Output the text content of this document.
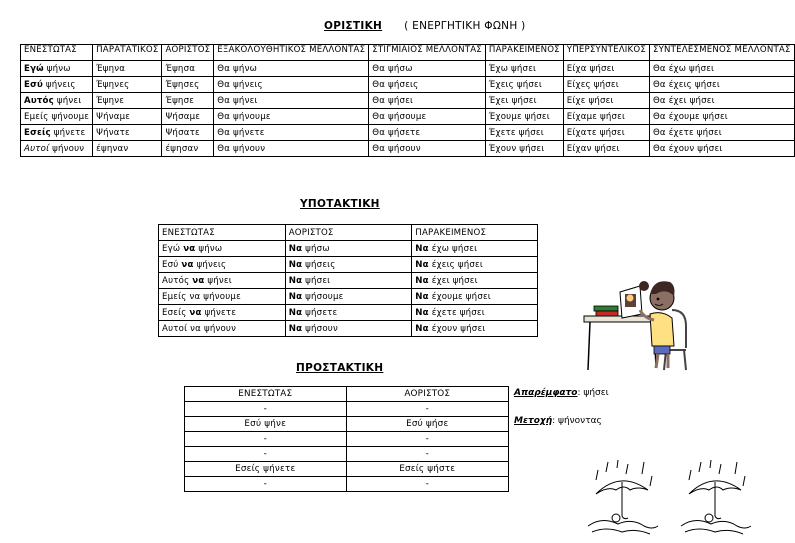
ΟΡΙΣΤΙΚΗ ( ΕΝΕΡΓΗΤΙΚΗ ΦΩΝΗ )
ΕΝΕΣΤΩΤΑΣ	ΠΑΡΑΤΑΤΙΚΟΣ	ΑΟΡΙΣΤΟΣ	ΕΞΑΚΟΛΟΥΘΗΤΙΚΟΣ ΜΕΛΛΟΝΤΑΣ	ΣΤΙΓΜΙΑΙΟΣ ΜΕΛΛΟΝΤΑΣ	ΠΑΡΑΚΕΙΜΕΝΟΣ	ΥΠΕΡΣΥΝΤΕΛΙΚΟΣ	ΣΥΝΤΕΛΕΣΜΕΝΟΣ ΜΕΛΛΟΝΤΑΣ
Εγώ ψήνω	Έψηνα	Έψησα	Θα ψήνω	Θα ψήσω	Έχω ψήσει	Είχα ψήσει	Θα έχω ψήσει
Εσύ ψήνεις	Έψηνες	Έψησες	Θα ψήνεις	Θα ψήσεις	Έχεις ψήσει	Είχες ψήσει	Θα έχεις ψήσει
Αυτός ψήνει	Έψηνε	Έψησε	Θα ψήνει	Θα ψήσει	Έχει ψήσει	Είχε ψήσει	Θα έχει ψήσει
Εμείς ψήνουμε	Ψήναμε	Ψήσαμε	Θα ψήνουμε	Θα ψήσουμε	Έχουμε ψήσει	Είχαμε ψήσει	Θα έχουμε ψήσει
Εσείς ψήνετε	Ψήνατε	Ψήσατε	Θα ψήνετε	Θα ψήσετε	Έχετε ψήσει	Είχατε ψήσει	Θα έχετε ψήσει
Αυτοί ψήνουν	έψηναν	έψησαν	Θα ψήνουν	Θα ψήσουν	Έχουν ψήσει	Είχαν ψήσει	Θα έχουν ψήσει
ΥΠΟΤΑΚΤΙΚΗ
ΕΝΕΣΤΩΤΑΣ	ΑΟΡΙΣΤΟΣ	ΠΑΡΑΚΕΙΜΕΝΟΣ
Εγώ να ψήνω	Να ψήσω	Να έχω ψήσει
Εσύ να ψήνεις	Να ψήσεις	Να έχεις ψήσει
Αυτός να ψήνει	Να ψήσει	Να έχει ψήσει
Εμείς να ψήνουμε	Να ψήσουμε	Να έχουμε ψήσει
Εσείς να ψήνετε	Να ψήσετε	Να έχετε ψήσει
Αυτοί να ψήνουν	Να ψήσουν	Να έχουν ψήσει
ΠΡΟΣΤΑΚΤΙΚΗ
ΕΝΕΣΤΩΤΑΣ	ΑΟΡΙΣΤΟΣ
-	-
Εσύ ψήνε	Εσύ ψήσε
-	-
-	-
Εσείς ψήνετε	Εσείς ψήστε
-	-
Απαρέμφατο: ψήσει
Μετοχή: ψήνοντας
